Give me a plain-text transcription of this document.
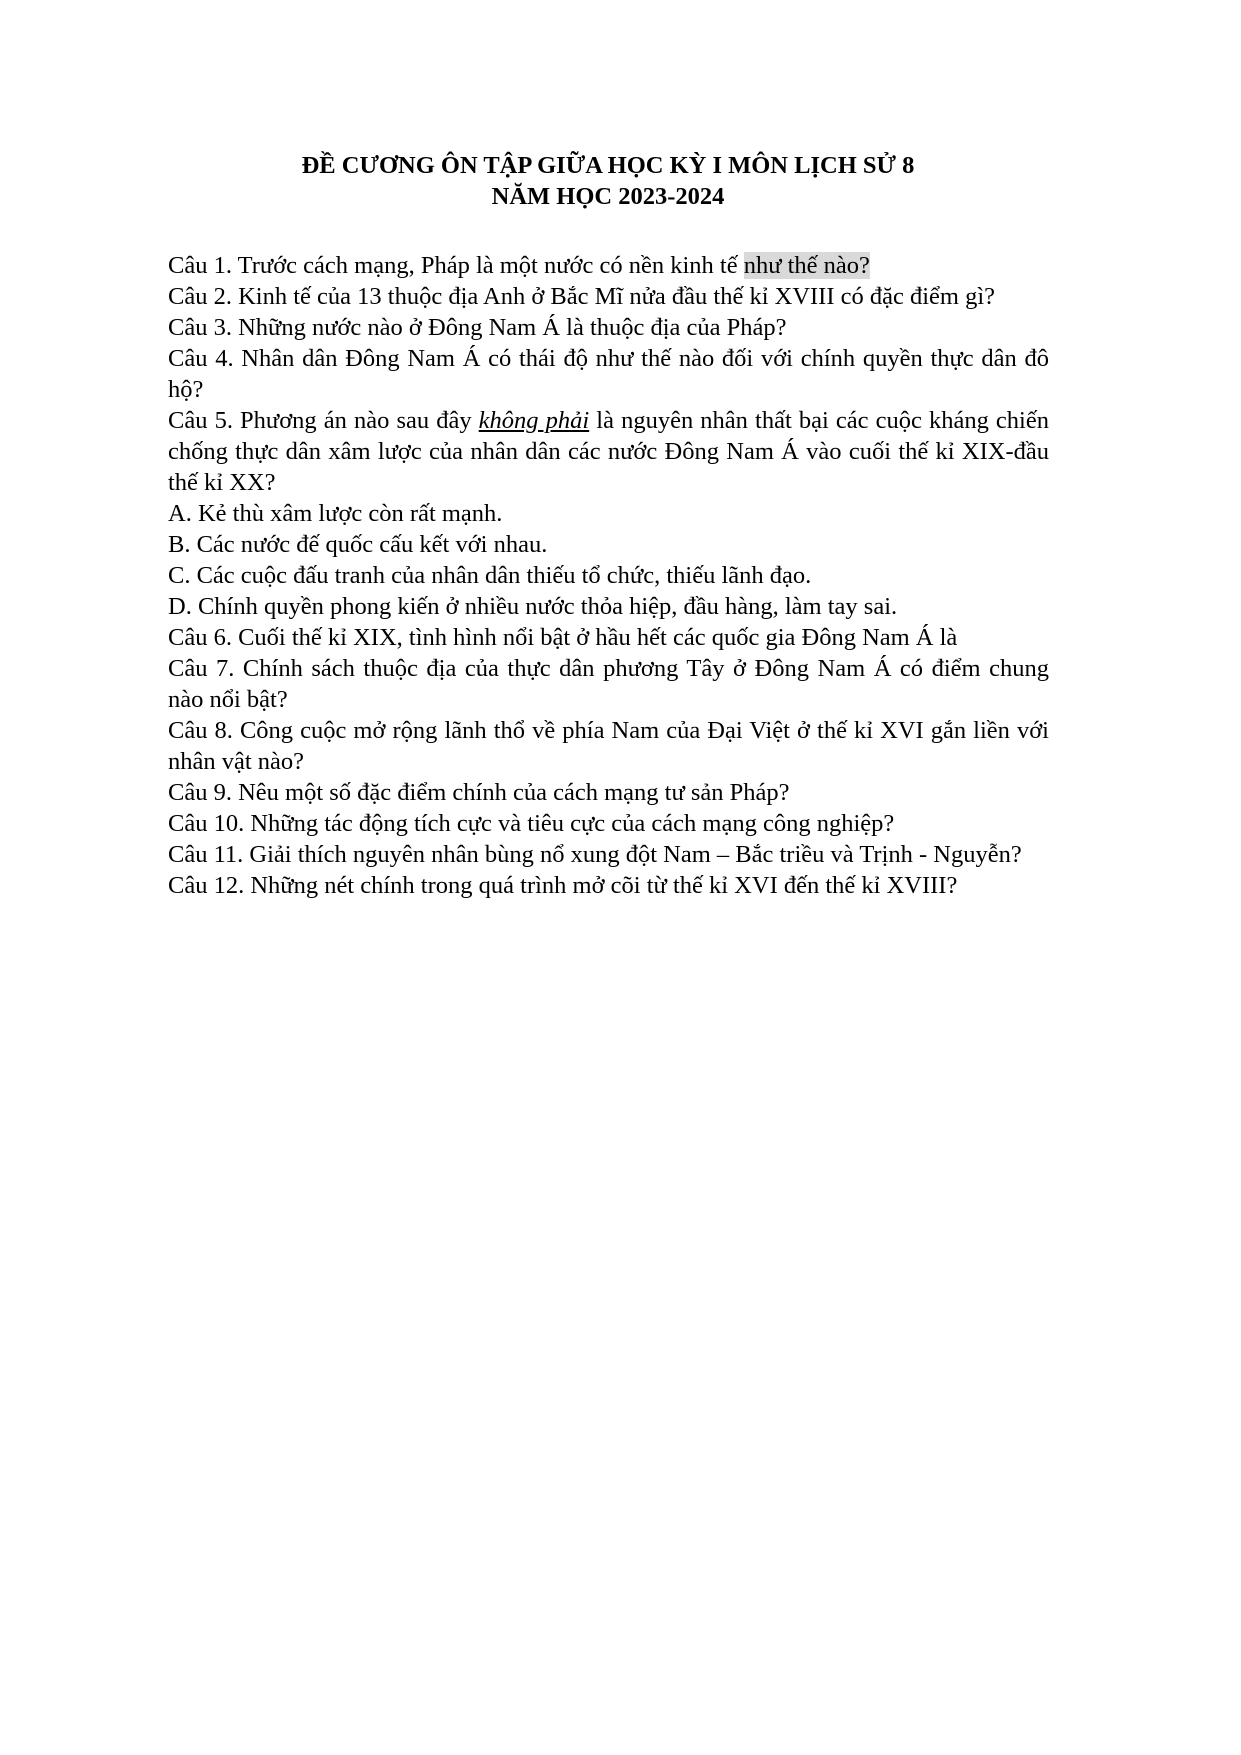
ĐỀ CƯƠNG ÔN TẬP GIỮA HỌC KỲ I MÔN LỊCH SỬ 8
NĂM HỌC 2023-2024

Câu 1. Trước cách mạng, Pháp là một nước có nền kinh tế như thế nào?

Câu 2. Kinh tế của 13 thuộc địa Anh ở Bắc Mĩ nửa đầu thế kỉ XVIII có đặc điểm gì?

Câu 3. Những nước nào ở Đông Nam Á là thuộc địa của Pháp?

Câu 4. Nhân dân Đông Nam Á có thái độ như thế nào đối với chính quyền thực dân đô hộ?

Câu 5. Phương án nào sau đây không phải là nguyên nhân thất bại các cuộc kháng chiến chống thực dân xâm lược của nhân dân các nước Đông Nam Á vào cuối thế kỉ XIX-đầu thế kỉ XX?

A. Kẻ thù xâm lược còn rất mạnh.

B. Các nước đế quốc cấu kết với nhau.

C. Các cuộc đấu tranh của nhân dân thiếu tổ chức, thiếu lãnh đạo.

D. Chính quyền phong kiến ở nhiều nước thỏa hiệp, đầu hàng, làm tay sai.

Câu 6. Cuối thế kỉ XIX, tình hình nổi bật ở hầu hết các quốc gia Đông Nam Á là

Câu 7. Chính sách thuộc địa của thực dân phương Tây ở Đông Nam Á có điểm chung nào nổi bật?

Câu 8. Công cuộc mở rộng lãnh thổ về phía Nam của Đại Việt ở thế kỉ XVI gắn liền với nhân vật nào?

Câu 9. Nêu một số đặc điểm chính của cách mạng tư sản Pháp?

Câu 10. Những tác động tích cực và tiêu cực của cách mạng công nghiệp?

Câu 11. Giải thích nguyên nhân bùng nổ xung đột Nam – Bắc triều và Trịnh - Nguyễn?

Câu 12. Những nét chính trong quá trình mở cõi từ thế kỉ XVI đến thế kỉ XVIII?
